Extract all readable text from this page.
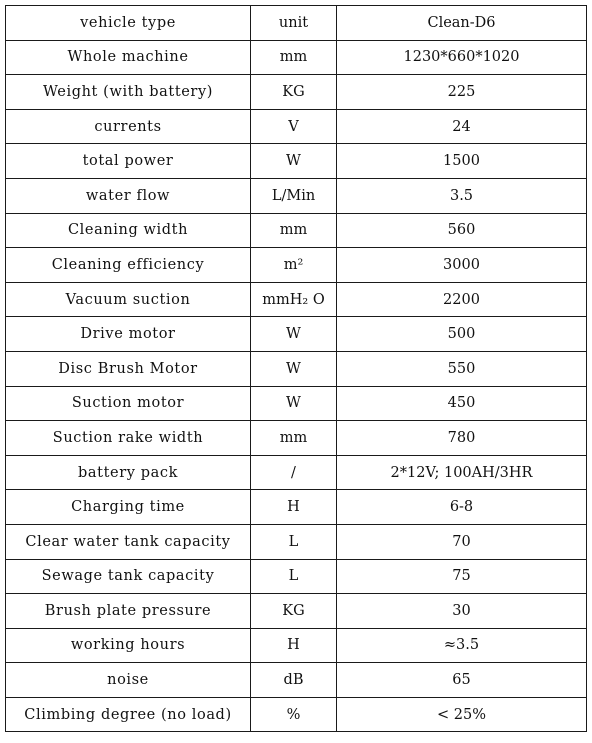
vehicle type	unit	Clean-D6
Whole machine	mm	1230*660*1020
Weight (with battery)	KG	225
currents	V	24
total power	W	1500
water flow	L/Min	3.5
Cleaning width	mm	560
Cleaning efficiency	m²	3000
Vacuum suction	mmH₂ O	2200
Drive motor	W	500
Disc Brush Motor	W	550
Suction motor	W	450
Suction rake width	mm	780
battery pack	/	2*12V; 100AH/3HR
Charging time	H	6-8
Clear water tank capacity	L	70
Sewage tank capacity	L	75
Brush plate pressure	KG	30
working hours	H	≈3.5
noise	dB	65
Climbing degree (no load)	%	< 25%
